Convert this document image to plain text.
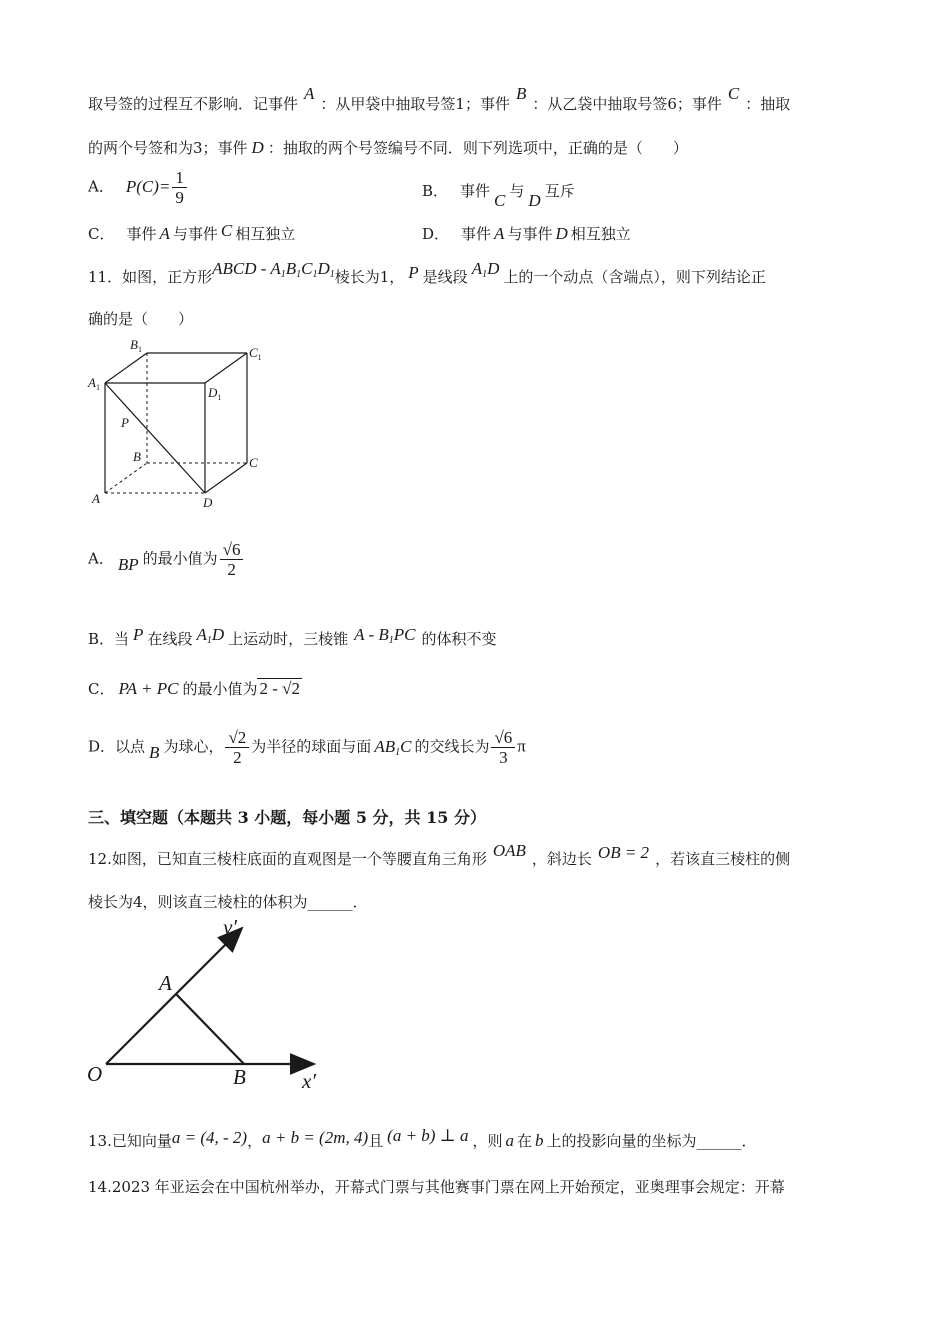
取号签的过程互不影响．记事件A：从甲袋中抽取号签1；事件B：从乙袋中抽取号签6；事件C：抽取
的两个号签和为3；事件 D ：抽取的两个号签编号不同．则下列选项中，正确的是（　　）
A． $P(C)= \frac{1}{9}$	B． 事件 C 与 D 互斥
C． 事件 A 与事件 C 相互独立	D． 事件 A 与事件 D 相互独立
11．如图，正方形ABCD - $A_1B_1C_1D_1$棱长为1， P 是线段 $A_1D$ 上的一个动点（含端点），则下列结论正
确的是（　　）
$B_1$	$C_1$
$A_1$	$D_1$
P
B	C
A	D
A． BP 的最小值为 $\frac{√6}{2}$
B．当 P 在线段 $A_1D$ 上运动时，三棱锥 A - $B_1PC$ 的体积不变
C． PA + PC 的最小值为 2 - √2
D．以点 B 为球心， $\frac{√2}{2}$ 为半径的球面与面 $AB_1C$ 的交线长为 $\frac{√6}{3}$ π
三、填空题（本题共 3 小题，每小题 5 分，共 15 分）
12.如图，已知直三棱柱底面的直观图是一个等腰直角三角形 OAB ，斜边长 OB = 2 ，若该直三棱柱的侧
棱长为4，则该直三棱柱的体积为______．
y′
x′
A
O	B
13.已知向量a = (4, - 2)，a + b = (2m, 4)且 (a + b) ⊥ a ，则 a 在 b 上的投影向量的坐标为______．
14.2023 年亚运会在中国杭州举办，开幕式门票与其他赛事门票在网上开始预定，亚奥理事会规定：开幕
